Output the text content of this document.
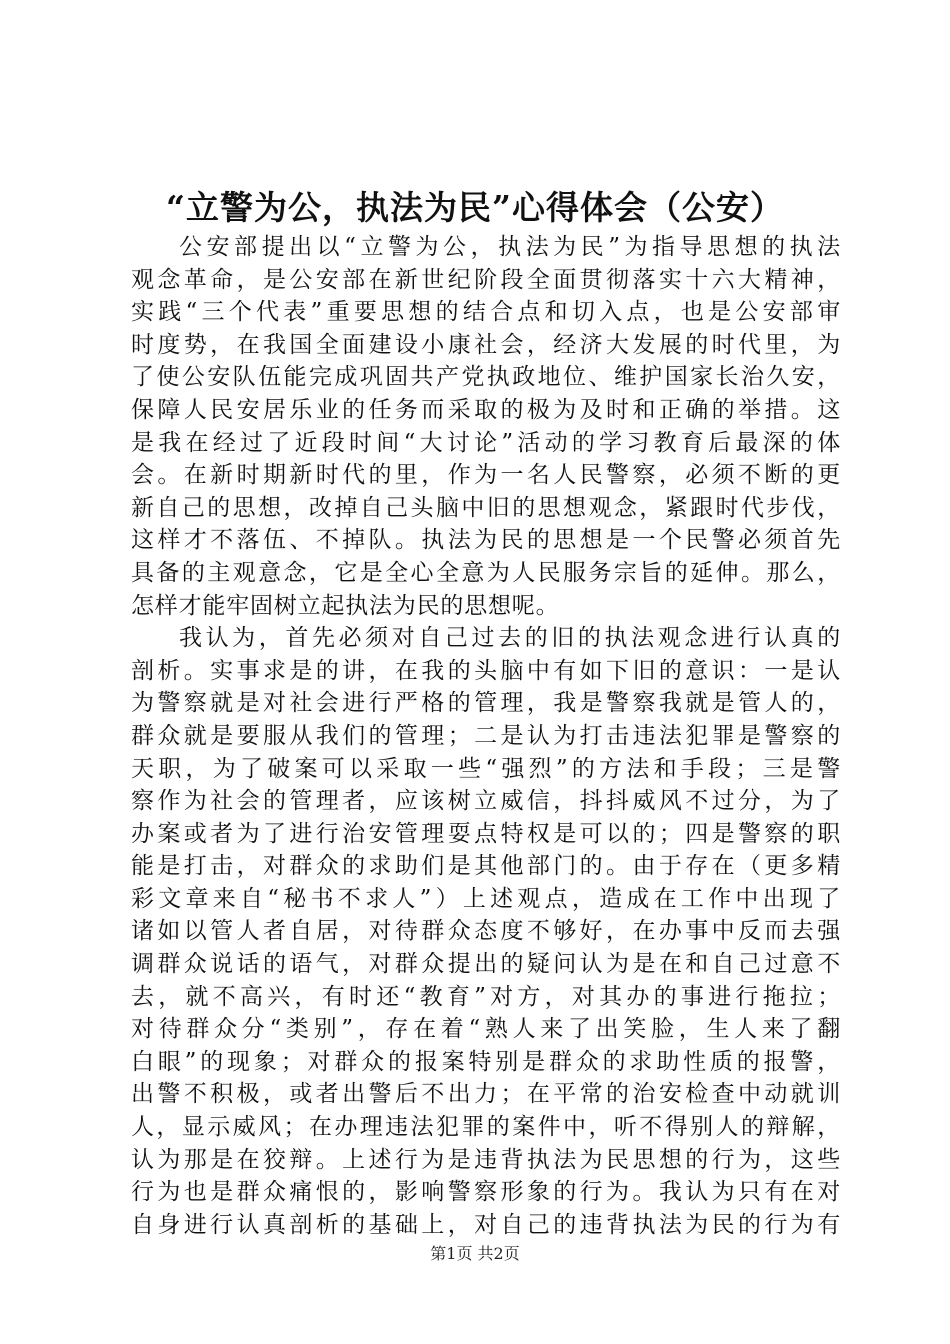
“立警为公，执法为民”心得体会（公安）
公安部提出以“立警为公，执法为民”为指导思想的执法
观念革命，是公安部在新世纪阶段全面贯彻落实十六大精神，
实践“三个代表”重要思想的结合点和切入点，也是公安部审
时度势，在我国全面建设小康社会，经济大发展的时代里，为
了使公安队伍能完成巩固共产党执政地位、维护国家长治久安，
保障人民安居乐业的任务而采取的极为及时和正确的举措。这
是我在经过了近段时间“大讨论”活动的学习教育后最深的体
会。在新时期新时代的里，作为一名人民警察，必须不断的更
新自己的思想，改掉自己头脑中旧的思想观念，紧跟时代步伐，
这样才不落伍、不掉队。执法为民的思想是一个民警必须首先
具备的主观意念，它是全心全意为人民服务宗旨的延伸。那么，
怎样才能牢固树立起执法为民的思想呢。
我认为，首先必须对自己过去的旧的执法观念进行认真的
剖析。实事求是的讲，在我的头脑中有如下旧的意识：一是认
为警察就是对社会进行严格的管理，我是警察我就是管人的，
群众就是要服从我们的管理；二是认为打击违法犯罪是警察的
天职，为了破案可以采取一些“强烈”的方法和手段；三是警
察作为社会的管理者，应该树立威信，抖抖威风不过分，为了
办案或者为了进行治安管理耍点特权是可以的；四是警察的职
能是打击，对群众的求助们是其他部门的。由于存在（更多精
彩文章来自“秘书不求人”）上述观点，造成在工作中出现了
诸如以管人者自居，对待群众态度不够好，在办事中反而去强
调群众说话的语气，对群众提出的疑问认为是在和自己过意不
去，就不高兴，有时还“教育”对方，对其办的事进行拖拉；
对待群众分“类别”，存在着“熟人来了出笑脸，生人来了翻
白眼”的现象；对群众的报案特别是群众的求助性质的报警，
出警不积极，或者出警后不出力；在平常的治安检查中动就训
人，显示威风；在办理违法犯罪的案件中，听不得别人的辩解，
认为那是在狡辩。上述行为是违背执法为民思想的行为，这些
行为也是群众痛恨的，影响警察形象的行为。我认为只有在对
自身进行认真剖析的基础上，对自己的违背执法为民的行为有
第1页 共2页
